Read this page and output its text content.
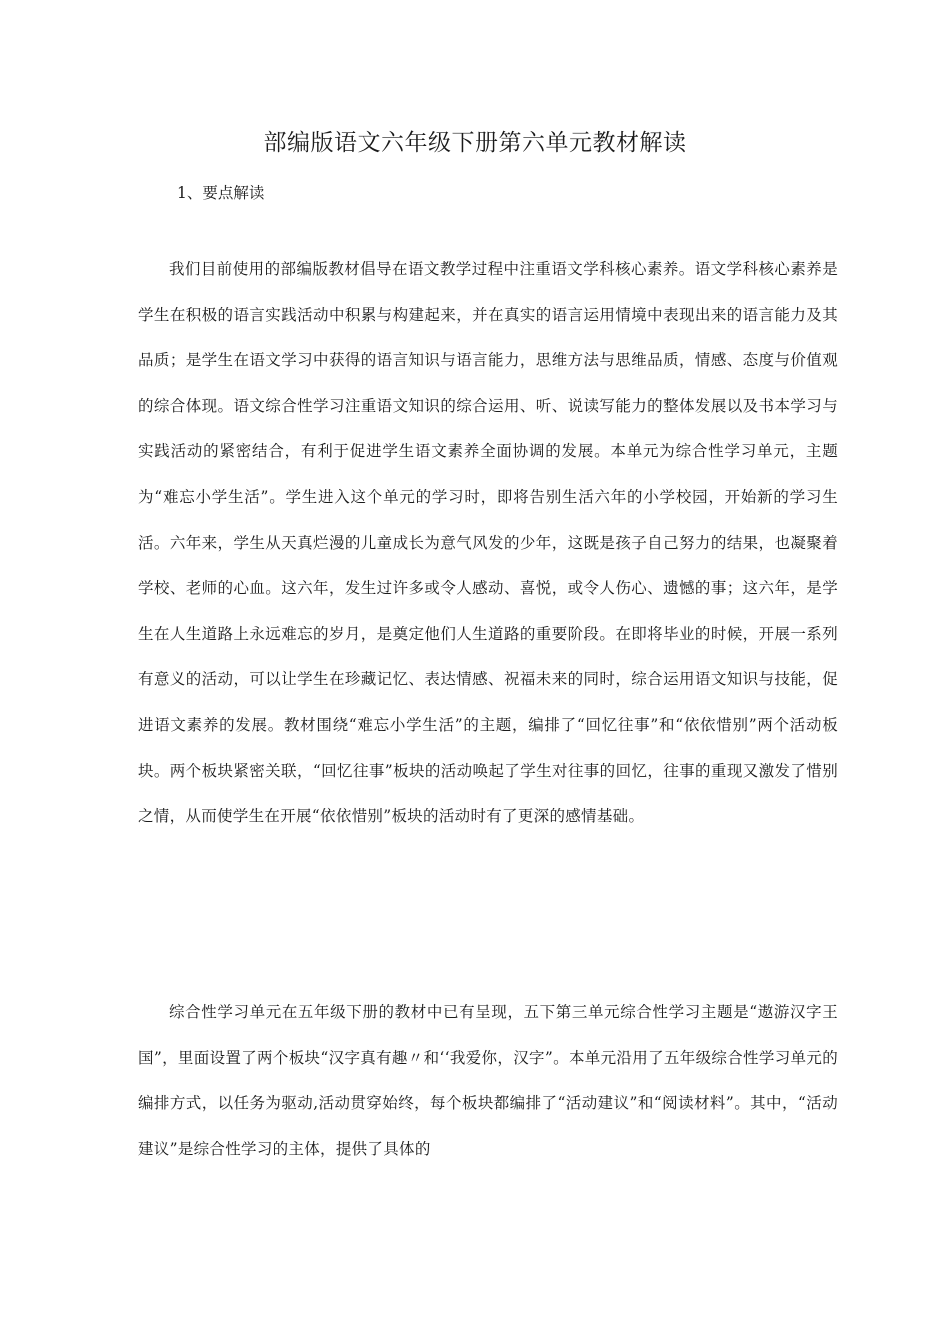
部编版语文六年级下册第六单元教材解读
1、要点解读

我们目前使用的部编版教材倡导在语文教学过程中注重语文学科核心素养。语文学科核心素养是学生在积极的语言实践活动中积累与构建起来，并在真实的语言运用情境中表现出来的语言能力及其品质；是学生在语文学习中获得的语言知识与语言能力，思维方法与思维品质，情感、态度与价值观的综合体现。语文综合性学习注重语文知识的综合运用、听、说读写能力的整体发展以及书本学习与实践活动的紧密结合，有利于促进学生语文素养全面协调的发展。本单元为综合性学习单元，主题为“难忘小学生活”。学生进入这个单元的学习时，即将告别生活六年的小学校园，开始新的学习生活。六年来，学生从天真烂漫的儿童成长为意气风发的少年，这既是孩子自己努力的结果，也凝聚着学校、老师的心血。这六年，发生过许多或令人感动、喜悦，或令人伤心、遗憾的事；这六年，是学生在人生道路上永远难忘的岁月，是奠定他们人生道路的重要阶段。在即将毕业的时候，开展一系列有意义的活动，可以让学生在珍藏记忆、表达情感、祝福未来的同时，综合运用语文知识与技能，促进语文素养的发展。教材围绕“难忘小学生活”的主题，编排了“回忆往事”和“依依惜别”两个活动板块。两个板块紧密关联，“回忆往事”板块的活动唤起了学生对往事的回忆，往事的重现又激发了惜别之情，从而使学生在开展“依依惜别”板块的活动时有了更深的感情基础。

综合性学习单元在五年级下册的教材中已有呈现，五下第三单元综合性学习主题是“遨游汉字王国”，里面设置了两个板块“汉字真有趣〃和‘‘我爱你，汉字”。本单元沿用了五年级综合性学习单元的编排方式，以任务为驱动,活动贯穿始终，每个板块都编排了“活动建议”和“阅读材料”。其中，“活动建议”是综合性学习的主体，提供了具体的
